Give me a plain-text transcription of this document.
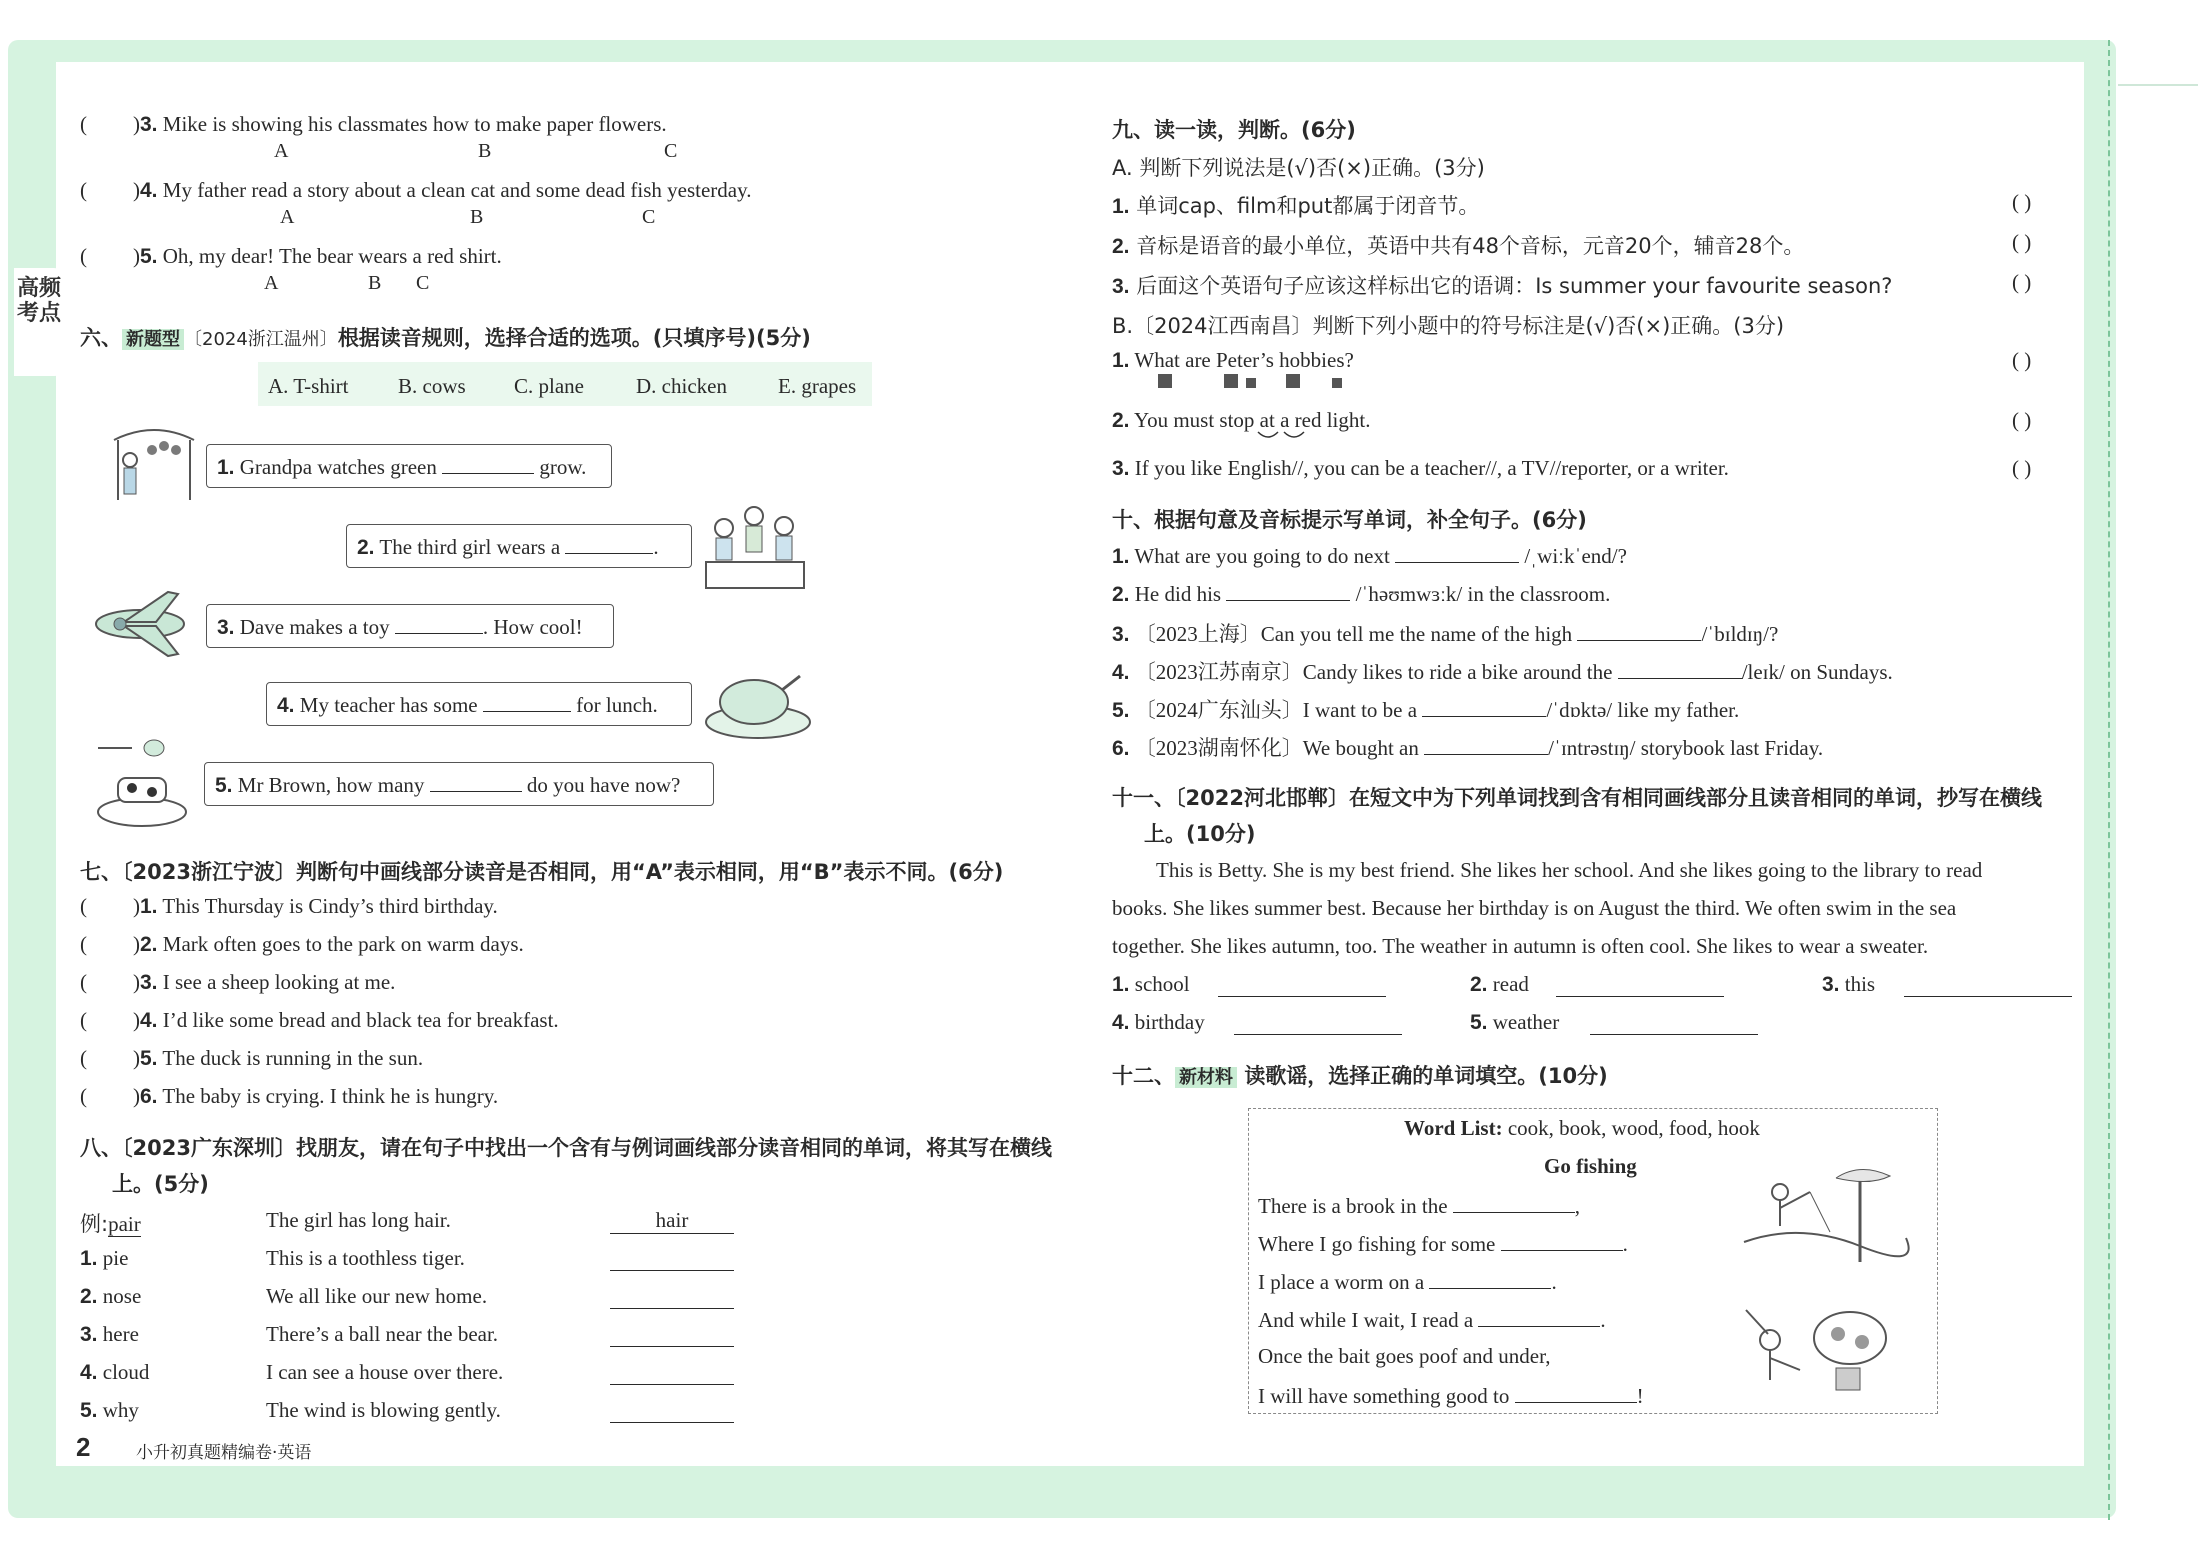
高频考点
( )3. Mike is showing his classmates how to make paper flowers.
A	B	C
( )4. My father read a story about a clean cat and some dead fish yesterday.
A	B	C
( )5. Oh, my dear! The bear wears a red shirt.
A	B C
六、 新题型 〔2024浙江温州〕根据读音规则，选择合适的选项。(只填序号)(5分)
A. T-shirt B. cows C. plane D. chicken E. grapes
1. Grandpa watches green	grow.
2. The third girl wears a	.
3. Dave makes a toy	. How cool!
4. My teacher has some	for lunch.
5. Mr Brown, how many	do you have now?
七、〔2023浙江宁波〕判断句中画线部分读音是否相同，用“A”表示相同，用“B”表示不同。(6分)
( )1. This Thursday is Cindy’s third birthday.
( )2. Mark often goes to the park on warm days.
( )3. I see a sheep looking at me.
( )4. I’d like some bread and black tea for breakfast.
( )5. The duck is running in the sun.
( )6. The baby is crying. I think he is hungry.
八、〔2023广东深圳〕找朋友，请在句子中找出一个含有与例词画线部分读音相同的单词，将其写在横线
上。(5分)
例:pair	The girl has long hair.	hair
1. pie	This is a toothless tiger.
2. nose	We all like our new home.
3. here	There’s a ball near the bear.
4. cloud	I can see a house over there.
5. why	The wind is blowing gently.
2	小升初真题精编卷·英语
九、读一读，判断。(6分)
A. 判断下列说法是(√)否(×)正确。(3分)
1. 单词cap、film和put都属于闭音节。	( )
2. 音标是语音的最小单位，英语中共有48个音标，元音20个，辅音28个。	( )
3. 后面这个英语句子应该这样标出它的语调：Is summer your favourite season?	( )
B.〔2024江西南昌〕判断下列小题中的符号标注是(√)否(×)正确。(3分)
1. What are Peter’s hobbies?	( )
2. You must stop at a red light.	( )
3. If you like English//, you can be a teacher//, a TV//reporter, or a writer.	( )
十、根据句意及音标提示写单词，补全句子。(6分)
1. What are you going to do next	/ˌwiːkˈend/?
2. He did his	/ˈhəʊmwɜːk/ in the classroom.
3. 〔2023上海〕Can you tell me the name of the high	/ˈbɪldɪŋ/?
4. 〔2023江苏南京〕Candy likes to ride a bike around the	/leɪk/ on Sundays.
5. 〔2024广东汕头〕I want to be a	/ˈdɒktə/ like my father.
6. 〔2023湖南怀化〕We bought an	/ˈɪntrəstɪŋ/ storybook last Friday.
十一、〔2022河北邯郸〕在短文中为下列单词找到含有相同画线部分且读音相同的单词，抄写在横线
上。(10分)
This is Betty. She is my best friend. She likes her school. And she likes going to the library to read
books. She likes summer best. Because her birthday is on August the third. We often swim in the sea
together. She likes autumn, too. The weather in autumn is often cool. She likes to wear a sweater.
1. school	2. read	3. this
4. birthday	5. weather
十二、 新材料 读歌谣，选择正确的单词填空。(10分)
Word List: cook, book, wood, food, hook
Go fishing
There is a brook in the	,
Where I go fishing for some	.
I place a worm on a	.
And while I wait, I read a	.
Once the bait goes poof and under,
I will have something good to	!
